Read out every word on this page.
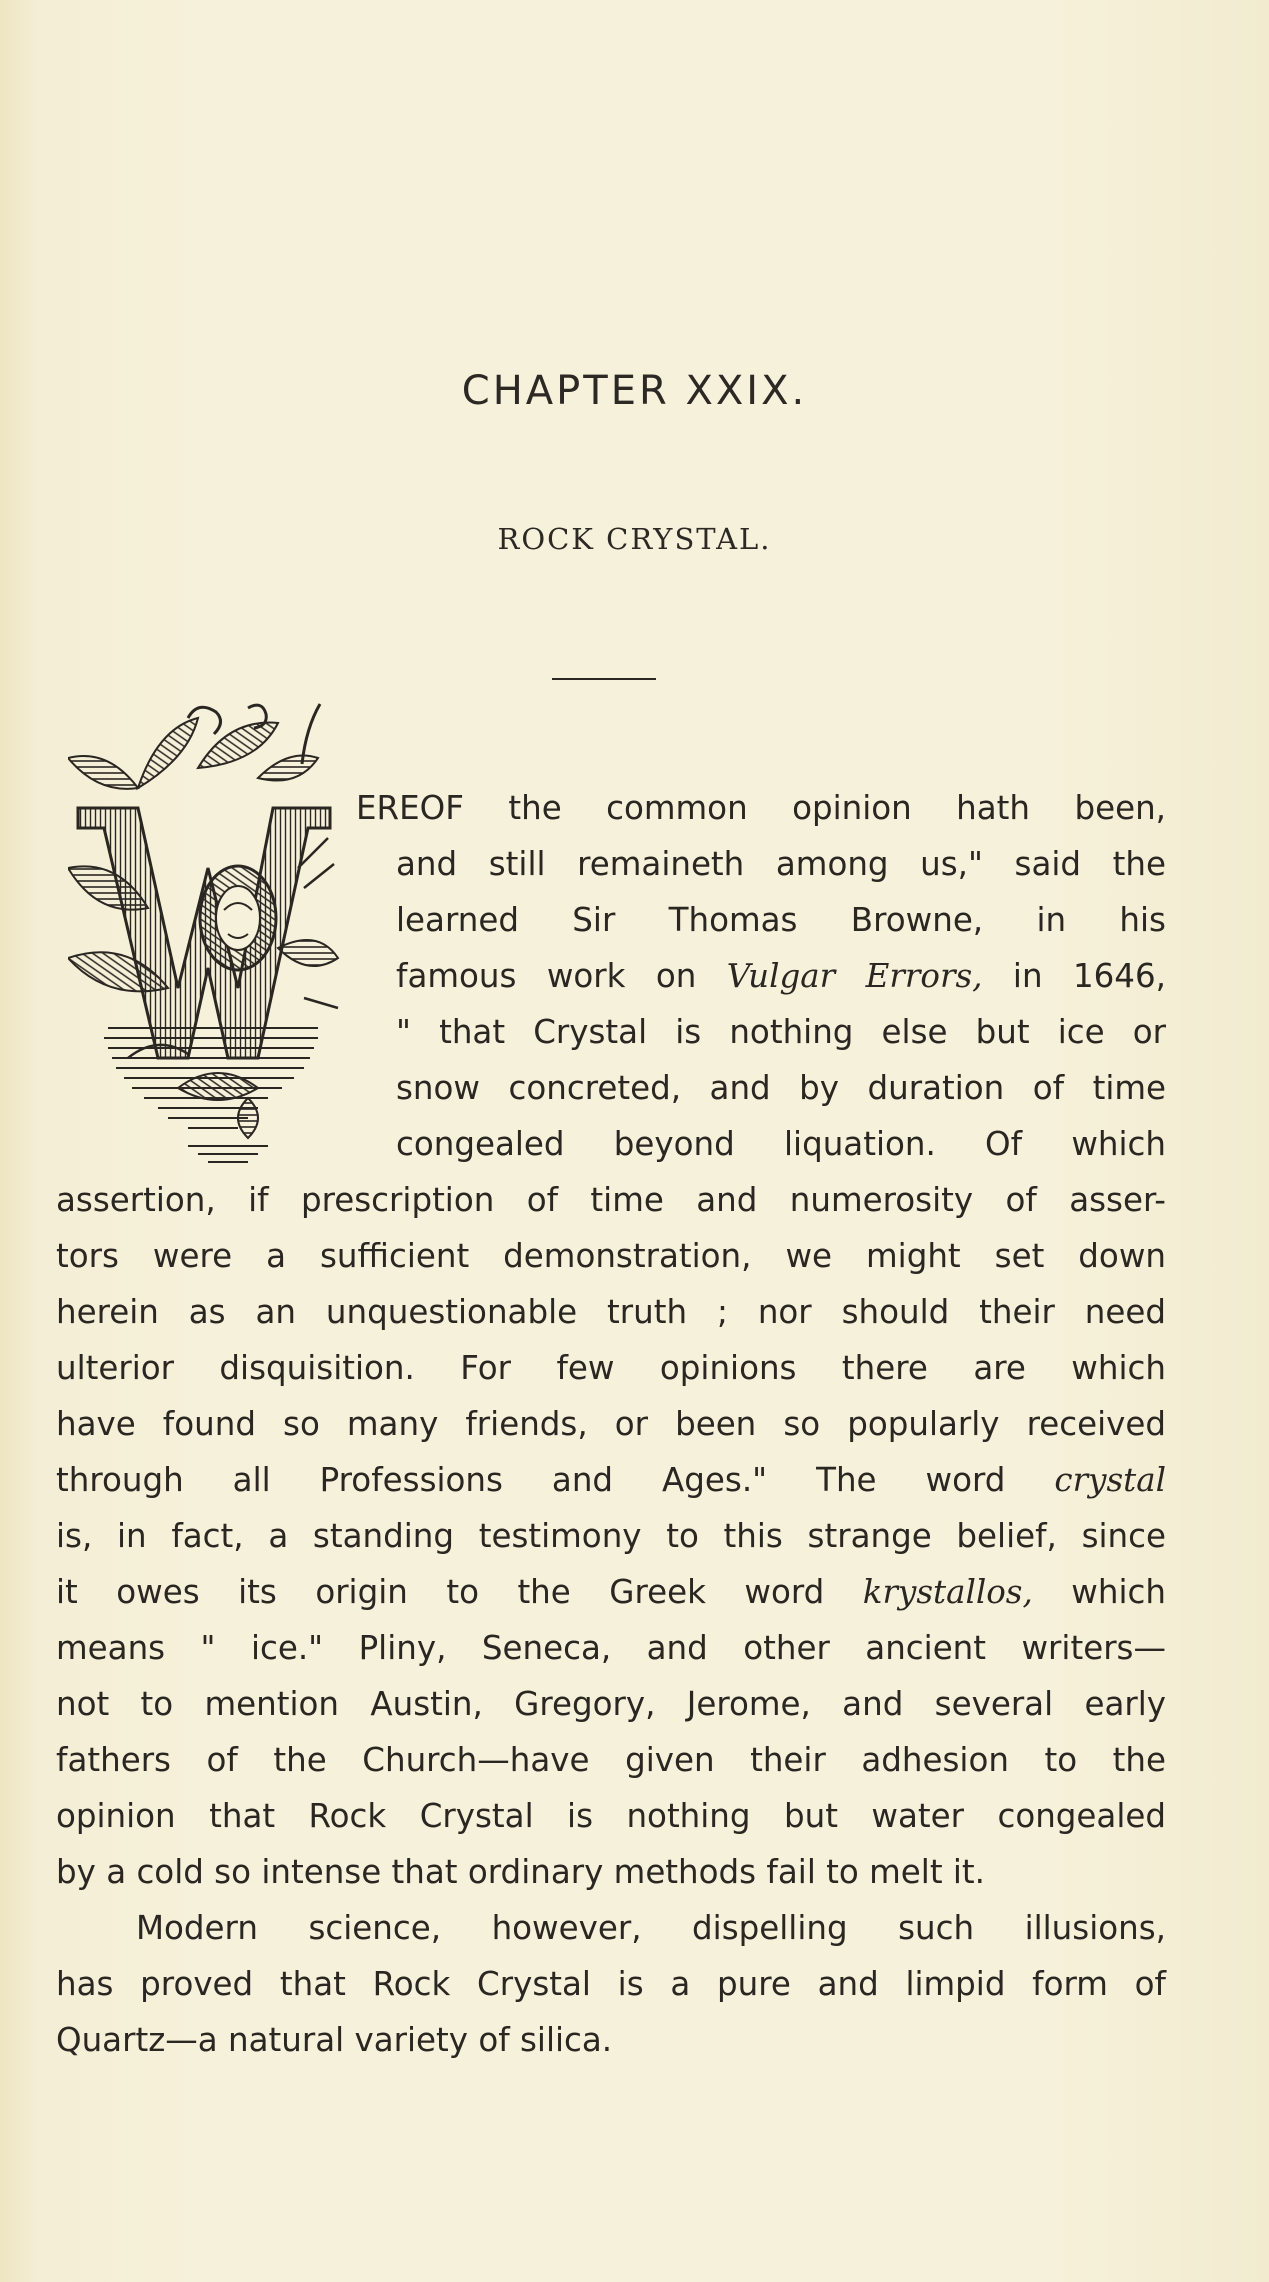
CHAPTER XXIX.
ROCK CRYSTAL.
EREOF the common opinion hath been,
and still remaineth among us," said the
learned Sir Thomas Browne, in his
famous work on Vulgar Errors, in 1646,
" that Crystal is nothing else but ice or
snow concreted, and by duration of time
congealed beyond liquation. Of which
assertion, if prescription of time and numerosity of asser-
tors were a sufficient demonstration, we might set down
herein as an unquestionable truth ; nor should their need
ulterior disquisition. For few opinions there are which
have found so many friends, or been so popularly received
through all Professions and Ages." The word crystal
is, in fact, a standing testimony to this strange belief, since
it owes its origin to the Greek word krystallos, which
means " ice." Pliny, Seneca, and other ancient writers—
not to mention Austin, Gregory, Jerome, and several early
fathers of the Church—have given their adhesion to the
opinion that Rock Crystal is nothing but water congealed
by a cold so intense that ordinary methods fail to melt it.
Modern science, however, dispelling such illusions,
has proved that Rock Crystal is a pure and limpid form of
Quartz—a natural variety of silica.
